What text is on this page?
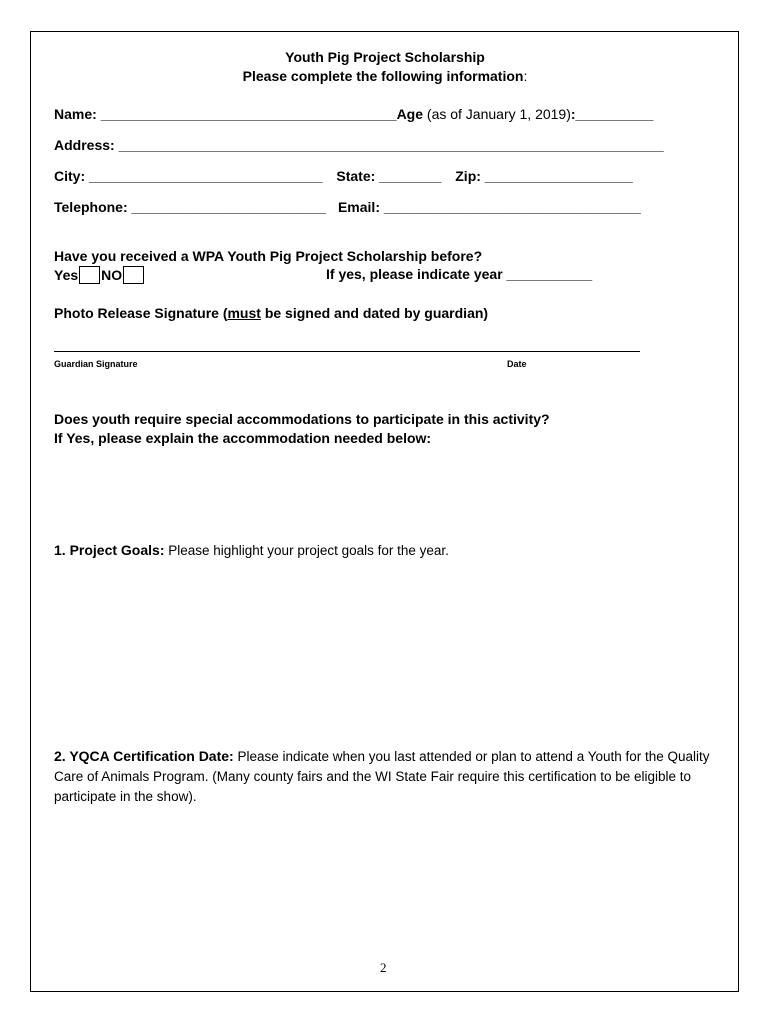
Youth Pig Project Scholarship
Please complete the following information:
Name: ______________________________________Age (as of January 1, 2019):__________
Address: ______________________________________________________________________
City: ______________________________ State: ________ Zip: ___________________
Telephone: _________________________ Email: _________________________________
Have you received a WPA Youth Pig Project Scholarship before?
Yes NO	If yes, please indicate year ___________
Photo Release Signature (must be signed and dated by guardian)
Guardian Signature	Date
Does youth require special accommodations to participate in this activity?
If Yes, please explain the accommodation needed below:
1. Project Goals: Please highlight your project goals for the year.
2. YQCA Certification Date: Please indicate when you last attended or plan to attend a Youth for the Quality Care of Animals Program. (Many county fairs and the WI State Fair require this certification to be eligible to participate in the show).
2
